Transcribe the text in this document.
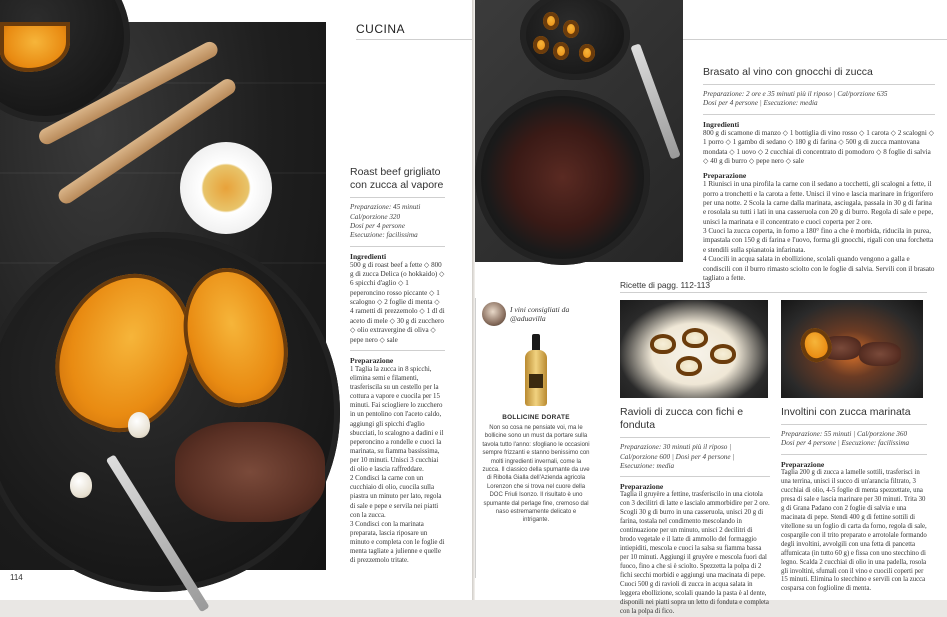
CUCINA
Roast beef grigliato con zucca al vapore
Preparazione: 45 minuti
Cal/porzione 320
Dosi per 4 persone
Esecuzione: facilissima
Ingredienti
500 g di roast beef a fette ◇ 800 g di zucca Delica (o hokkaido) ◇ 6 spicchi d'aglio ◇ 1 peperoncino rosso piccante ◇ 1 scalogno ◇ 2 foglie di menta ◇ 4 rametti di prezzemolo ◇ 1 dl di aceto di mele ◇ 30 g di zucchero ◇ olio extravergine di oliva ◇ pepe nero ◇ sale
Preparazione
1 Taglia la zucca in 8 spicchi, elimina semi e filamenti, trasferiscila su un cestello per la cottura a vapore e cuocila per 15 minuti. Fai sciogliere lo zucchero in un pentolino con l'aceto caldo, aggiungi gli spicchi d'aglio sbucciati, lo scalogno a dadini e il peperoncino a rondelle e cuoci la marinata, su fiamma bassissima, per 10 minuti. Unisci 3 cucchiai di olio e lascia raffreddare.
2 Condisci la carne con un cucchiaio di olio, cuocila sulla piastra un minuto per lato, regola di sale e pepe e servila nei piatti con la zucca.
3 Condisci con la marinata preparata, lascia riposare un minuto e completa con le foglie di menta tagliate a julienne e quelle di prezzemolo tritate.
114
Brasato al vino con gnocchi di zucca
Preparazione: 2 ore e 35 minuti più il riposo | Cal/porzione 635
Dosi per 4 persone | Esecuzione: media
Ingredienti
800 g di scamone di manzo ◇ 1 bottiglia di vino rosso ◇ 1 carota ◇ 2 scalogni ◇ 1 porro ◇ 1 gambo di sedano ◇ 180 g di farina ◇ 500 g di zucca mantovana mondata ◇ 1 uovo ◇ 2 cucchiai di concentrato di pomodoro ◇ 8 foglie di salvia ◇ 40 g di burro ◇ pepe nero ◇ sale
Preparazione
1 Riunisci in una pirofila la carne con il sedano a tocchetti, gli scalogni a fette, il porro a tronchetti e la carota a fette. Unisci il vino e lascia marinare in frigorifero per una notte. 2 Scola la carne dalla marinata, asciugala, passala in 30 g di farina e rosolala su tutti i lati in una casseruola con 20 g di burro. Regola di sale e pepe, unisci la marinata e il concentrato e cuoci coperta per 2 ore.
3 Cuoci la zucca coperta, in forno a 180° fino a che è morbida, riducila in purea, impastala con 150 g di farina e l'uovo, forma gli gnocchi, rigali con una forchetta e stendili sulla spianatoia infarinata.
4 Cuocili in acqua salata in ebollizione, scolali quando vengono a galla e condiscili con il burro rimasto sciolto con le foglie di salvia. Servili con il brasato tagliato a fette.
I vini consigliati da
@aduavilla
BOLLICINE DORATE
Non so cosa ne pensiate voi, ma le bollicine sono un must da portare sulla tavola tutto l'anno: sfogliano le occasioni sempre frizzanti e stanno benissimo con molti ingredienti invernali, come la zucca. Il classico della spumante da uve di Ribolla Gialla dell'Azienda agricola Lorenzon che si trova nel cuore della DOC Friuli Isonzo. Il risultato è uno spumante dal perlage fine, cremoso dal naso estremamente delicato e intrigante.
Ricette di pagg. 112-113
Ravioli di zucca con fichi e fonduta
Preparazione: 30 minuti più il riposo | Cal/porzione 600 | Dosi per 4 persone | Esecuzione: media
Preparazione
Taglia il gruyère a fettine, trasferiscilo in una ciotola con 3 decilitri di latte e lascialo ammorbidire per 2 ore. Scogli 30 g di burro in una casseruola, unisci 20 g di farina, tostala nel condimento mescolando in continuazione per un minuto, unisci 2 decilitri di brodo vegetale e il latte di ammollo del formaggio intiepiditi, mescola e cuoci la salsa su fiamma bassa per 10 minuti. Aggiungi il gruyère e mescola fuori dal fuoco, fino a che si è sciolto. Spezzetta la polpa di 2 fichi secchi morbidi e aggiungi una macinata di pepe. Cuoci 500 g di ravioli di zucca in acqua salata in leggera ebollizione, scolali quando la pasta è al dente, disponili nei piatti sopra un letto di fonduta e completa con la polpa di fico.
Involtini con zucca marinata
Preparazione: 55 minuti | Cal/porzione 360
Dosi per 4 persone | Esecuzione: facilissima
Preparazione
Taglia 200 g di zucca a lamelle sottili, trasferisci in una terrina, unisci il succo di un'arancia filtrato, 3 cucchiai di olio, 4-5 foglie di menta spezzettate, una presa di sale e lascia marinare per 30 minuti. Trita 30 g di Grana Padano con 2 foglie di salvia e una macinata di pepe. Stendi 400 g di fettine sottili di vitellone su un foglio di carta da forno, regola di sale, cospargile con il trito preparato e arrotolale formando degli involtini, avvolgili con una fetta di pancetta affumicata (in tutto 60 g) e fissa con uno stecchino di legno. Scalda 2 cucchiai di olio in una padella, rosola gli involtini, sfumali con il vino e cuocili coperti per 15 minuti. Elimina lo stecchino e servili con la zucca cosparsa con foglioline di menta.
